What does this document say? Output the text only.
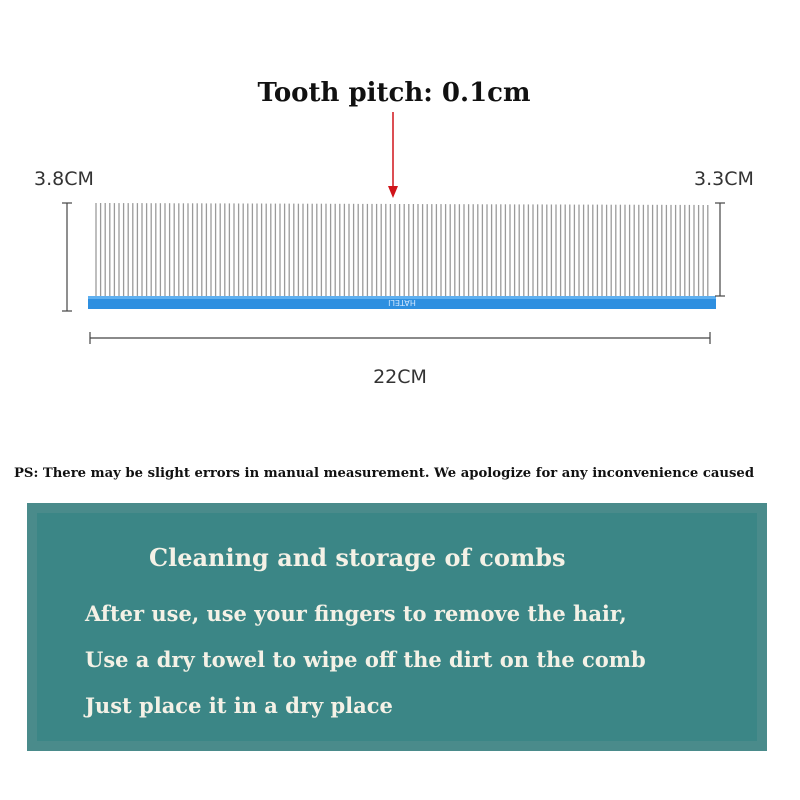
Tooth pitch: 0.1cm
3.8CM	3.3CM
HATELI
22CM
PS: There may be slight errors in manual measurement. We apologize for any inconvenience caused
Cleaning and storage of combs
After use, use your fingers to remove the hair,
Use a dry towel to wipe off the dirt on the comb
Just place it in a dry place
